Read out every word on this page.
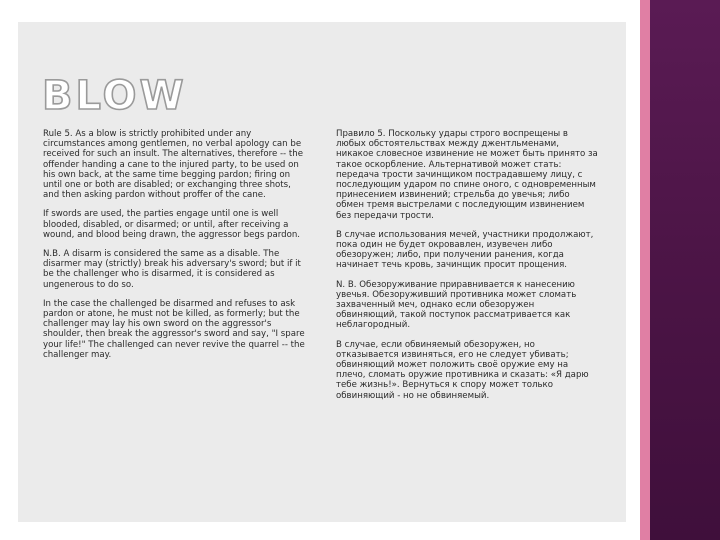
BLOW

Rule 5. As a blow is strictly prohibited under any circumstances among gentlemen, no verbal apology can be received for such an insult. The alternatives, therefore -- the offender handing a cane to the injured party, to be used on his own back, at the same time begging pardon; firing on until one or both are disabled; or exchanging three shots, and then asking pardon without proffer of the cane.

If swords are used, the parties engage until one is well blooded, disabled, or disarmed; or until, after receiving a wound, and blood being drawn, the aggressor begs pardon.

N.B. A disarm is considered the same as a disable. The disarmer may (strictly) break his adversary's sword; but if it be the challenger who is disarmed, it is considered as ungenerous to do so.

In the case the challenged be disarmed and refuses to ask pardon or atone, he must not be killed, as formerly; but the challenger may lay his own sword on the aggressor's shoulder, then break the aggressor's sword and say, "I spare your life!" The challenged can never revive the quarrel -- the challenger may.

Правило 5. Поскольку удары строго воспрещены в любых обстоятельствах между джентльменами, никакое словесное извинение не может быть принято за такое оскорбление. Альтернативой может стать: передача трости зачинщиком пострадавшему лицу, с последующим ударом по спине оного, с одновременным принесением извинений; стрельба до увечья; либо обмен тремя выстрелами с последующим извинением без передачи трости.

В случае использования мечей, участники продолжают, пока один не будет окровавлен, изувечен либо обезоружен; либо, при получении ранения, когда начинает течь кровь, зачинщик просит прощения.

N. B. Обезоруживание приравнивается к нанесению увечья. Обезоруживший противника может сломать захваченный меч, однако если обезоружен обвиняющий, такой поступок рассматривается как неблагородный.

В случае, если обвиняемый обезоружен, но отказывается извиняться, его не следует убивать; обвиняющий может положить своё оружие ему на плечо, сломать оружие противника и сказать: «Я дарю тебе жизнь!». Вернуться к спору может только обвиняющий - но не обвиняемый.
